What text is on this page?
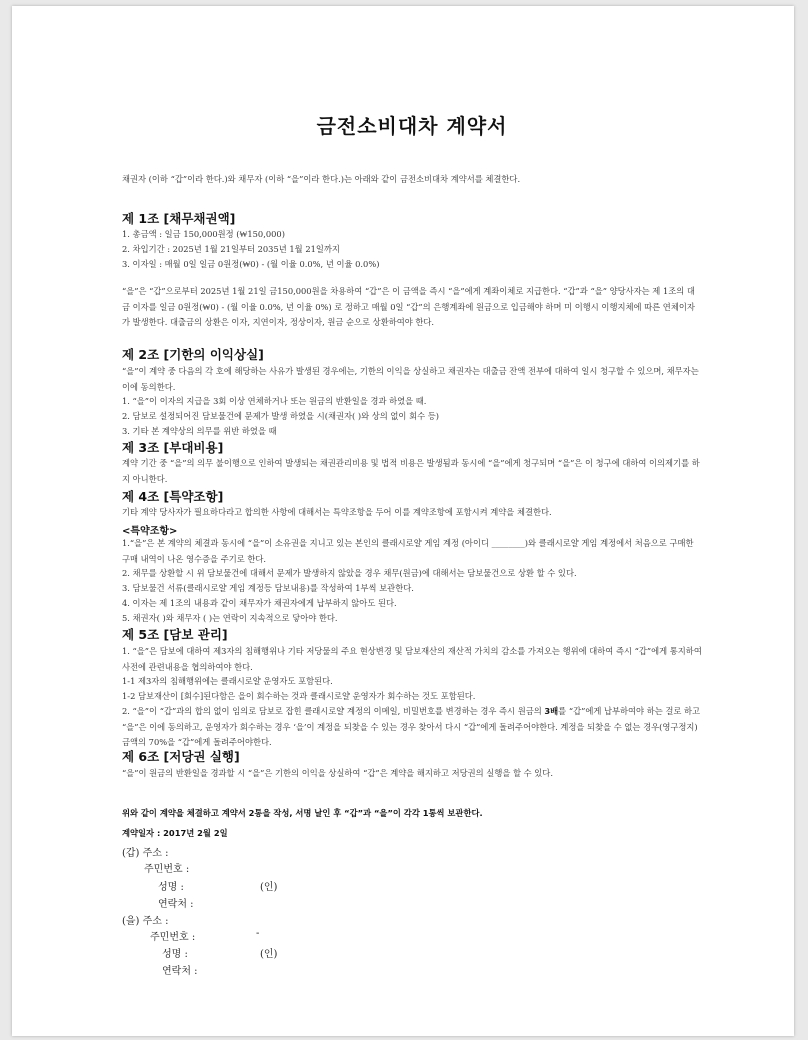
금전소비대차 계약서
채권자 (이하 “갑”이라 한다.)와 채무자 (이하 “을”이라 한다.)는 아래와 같이 금전소비대차 계약서를 체결한다.
제 1조 [채무채권액]
1. 총금액 : 일금 150,000원정 (₩150,000)
2. 차입기간 : 2025년 1월 21일부터 2035년 1월 21일까지
3. 이자일 : 매월 0일 일금 0원정(₩0) - (월 이율 0.0%, 년 이율 0.0%)
“을”은 “갑”으로부터 2025년 1월 21일 금150,000원을 차용하여 “갑”은 이 금액을 즉시 “을”에게 계좌이체로 지급한다. “갑”과 “을” 양당사자는 제 1조의 대금 이자를 일금 0원정(₩0) - (월 이율 0.0%, 년 이율 0%) 로 정하고 매월 0일 “갑”의 은행계좌에 원금으로 입금해야 하며 미 이행시 이행지체에 따른 연체이자가 발생한다. 대출금의 상환은 이자, 지연이자, 정상이자, 원금 순으로 상환하여야 한다.
제 2조 [기한의 이익상실]
“을”이 계약 중 다음의 각 호에 해당하는 사유가 발생된 경우에는, 기한의 이익을 상실하고 채권자는 대출금 잔액 전부에 대하여 일시 청구할 수 있으며, 채무자는 이에 동의한다.
1. “을”이 이자의 지급을 3회 이상 연체하거나 또는 원금의 반환일을 경과 하였을 때.
2. 담보로 설정되어진 담보물건에 문제가 발생 하였을 시(채권자( )와 상의 없이 회수 등)
3. 기타 본 계약상의 의무를 위반 하였을 때
제 3조 [부대비용]
계약 기간 중 “을”의 의무 불이행으로 인하여 발생되는 채권관리비용 및 법적 비용은 발생됨과 동시에 “을”에게 청구되며 “을”은 이 청구에 대하여 이의제기를 하지 아니한다.
제 4조 [특약조항]
기타 계약 당사자가 필요하다라고 합의한 사항에 대해서는 특약조항을 두어 이를 계약조항에 포함시켜 계약을 체결한다.
<특약조항>
1.“을”은 본 계약의 체결과 동시에 “을”이 소유권을 지니고 있는 본인의 클래시로얄 게임 계정 (아이디 ________)와 클래시로얄 게임 계정에서 처음으로 구매한 구매 내역이 나온 영수증을 주기로 한다.
2. 채무를 상환할 시 위 담보물건에 대해서 문제가 발생하지 않았을 경우 채무(원금)에 대해서는 담보물건으로 상환 할 수 있다.
3. 담보물건 서류(클래시로얄 게임 계정등 담보내용)를 작성하여 1부씩 보관한다.
4. 이자는 제 1조의 내용과 같이 채무자가 채권자에게 납부하지 않아도 된다.
5. 채권자( )와 채무자 ( )는 연락이 지속적으로 닿아야 한다.
제 5조 [담보 관리]
1. “을”은 담보에 대하여 제3자의 침해행위나 기타 저당물의 주요 현상변경 및 담보재산의 재산적 가치의 감소를 가져오는 행위에 대하여 즉시 “갑”에게 통지하여 사전에 관련내용을 협의하여야 한다.
1-1 제3자의 침해행위에는 클래시로얄 운영자도 포함된다.
1-2 담보재산이 [회수]된다함은 을이 회수하는 것과 클래시로얄 운영자가 회수하는 것도 포함된다.
2. “을”이 “갑”과의 합의 없이 임의로 담보로 잡힌 클래시로얄 계정의 이메일, 비밀번호를 변경하는 경우 즉시 원금의 3배를 “갑”에게 납부하여야 하는 걸로 하고 “을”은 이에 동의하고, 운영자가 회수하는 경우 ‘을’이 계정을 되찾을 수 있는 경우 찾아서 다시 “갑”에게 돌려주어야한다. 계정을 되찾을 수 없는 경우(영구정지) 금액의 70%을 “갑”에게 돌려주어야한다.
제 6조 [저당권 실행]
“을”이 원금의 반환일을 경과할 시 “을”은 기한의 이익을 상실하여 “갑”은 계약을 해지하고 저당권의 실행을 할 수 있다.
위와 같이 계약을 체결하고 계약서 2통을 작성, 서명 날인 후 “갑”과 “을”이 각각 1통씩 보관한다.
계약일자 : 2017년 2월 2일
(갑) 주소 :
주민번호 :
성명 :	(인)
연락처 :
(을) 주소 :
주민번호 :	-
성명 :	(인)
연락처 :
